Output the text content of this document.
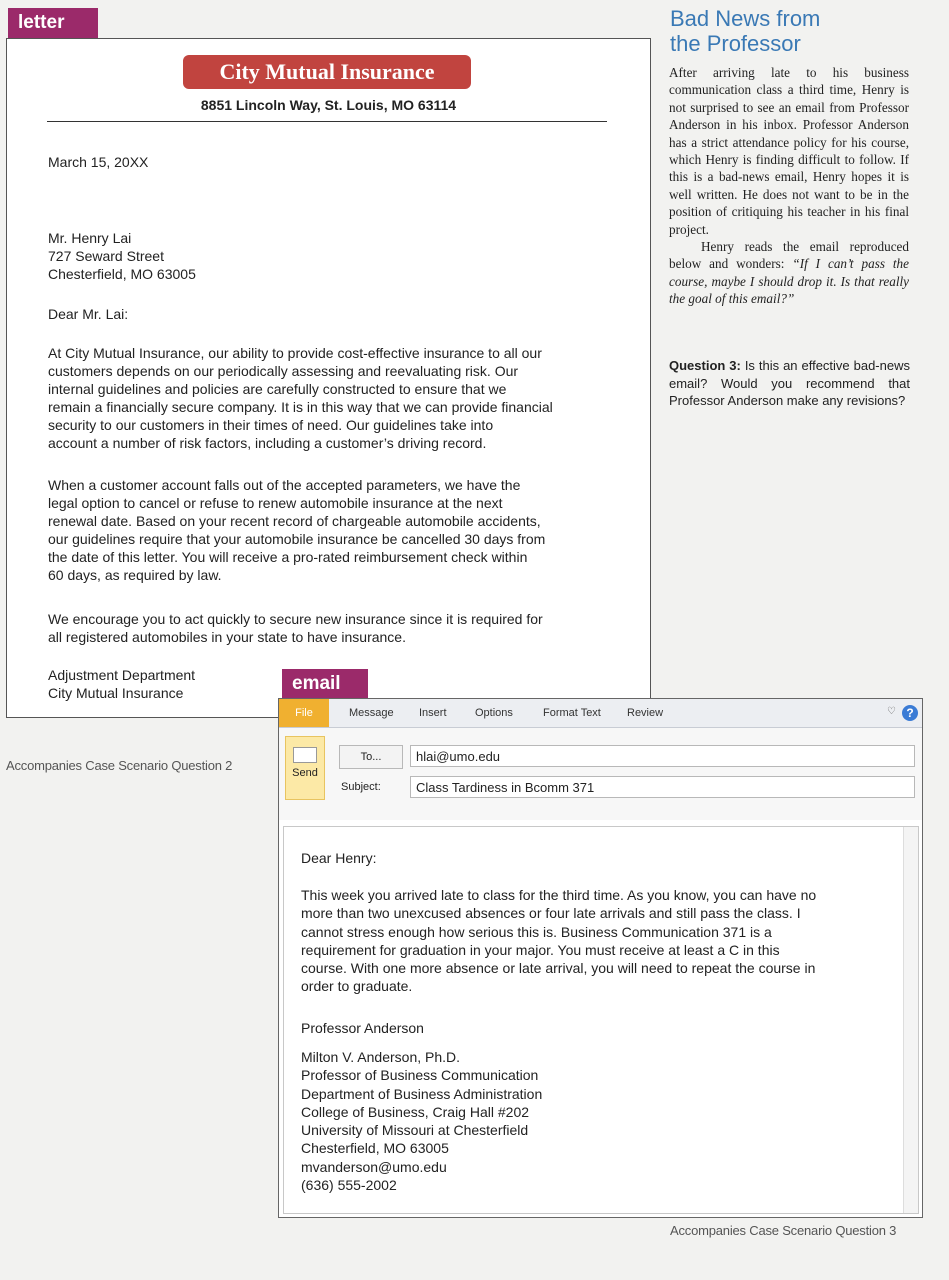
letter
City Mutual Insurance
8851 Lincoln Way, St. Louis, MO 63114
March 15, 20XX
Mr. Henry Lai
727 Seward Street
Chesterfield, MO 63005
Dear Mr. Lai:
At City Mutual Insurance, our ability to provide cost-effective insurance to all our
customers depends on our periodically assessing and reevaluating risk. Our
internal guidelines and policies are carefully constructed to ensure that we
remain a financially secure company. It is in this way that we can provide financial
security to our customers in their times of need. Our guidelines take into
account a number of risk factors, including a customer’s driving record.
When a customer account falls out of the accepted parameters, we have the
legal option to cancel or refuse to renew automobile insurance at the next
renewal date. Based on your recent record of chargeable automobile accidents,
our guidelines require that your automobile insurance be cancelled 30 days from
the date of this letter. You will receive a pro-rated reimbursement check within
60 days, as required by law.
We encourage you to act quickly to secure new insurance since it is required for
all registered automobiles in your state to have insurance.
Adjustment Department
City Mutual Insurance
Accompanies Case Scenario Question 2
Bad News from
the Professor

After arriving late to his business communication class a third time, Henry is not surprised to see an email from Professor Anderson in his inbox. Professor Anderson has a strict attendance policy for his course, which Henry is finding difficult to follow. If this is a bad-news email, Henry hopes it is well written. He does not want to be in the position of critiquing his teacher in his final project.

Henry reads the email reproduced below and wonders: “If I can’t pass the course, maybe I should drop it. Is that really the goal of this email?”

Question 3: Is this an effective bad-news email? Would you recommend that Professor Anderson make any revisions?
email
File	Message Insert	Options	Format Text Review	♡ ?
Send
To...	hlai@umo.edu
Subject:	Class Tardiness in Bcomm 371
Dear Henry:
This week you arrived late to class for the third time. As you know, you can have no
more than two unexcused absences or four late arrivals and still pass the class. I
cannot stress enough how serious this is. Business Communication 371 is a
requirement for graduation in your major. You must receive at least a C in this
course. With one more absence or late arrival, you will need to repeat the course in
order to graduate.
Professor Anderson
Milton V. Anderson, Ph.D.
Professor of Business Communication
Department of Business Administration
College of Business, Craig Hall #202
University of Missouri at Chesterfield
Chesterfield, MO 63005
mvanderson@umo.edu
(636) 555-2002
Accompanies Case Scenario Question 3
